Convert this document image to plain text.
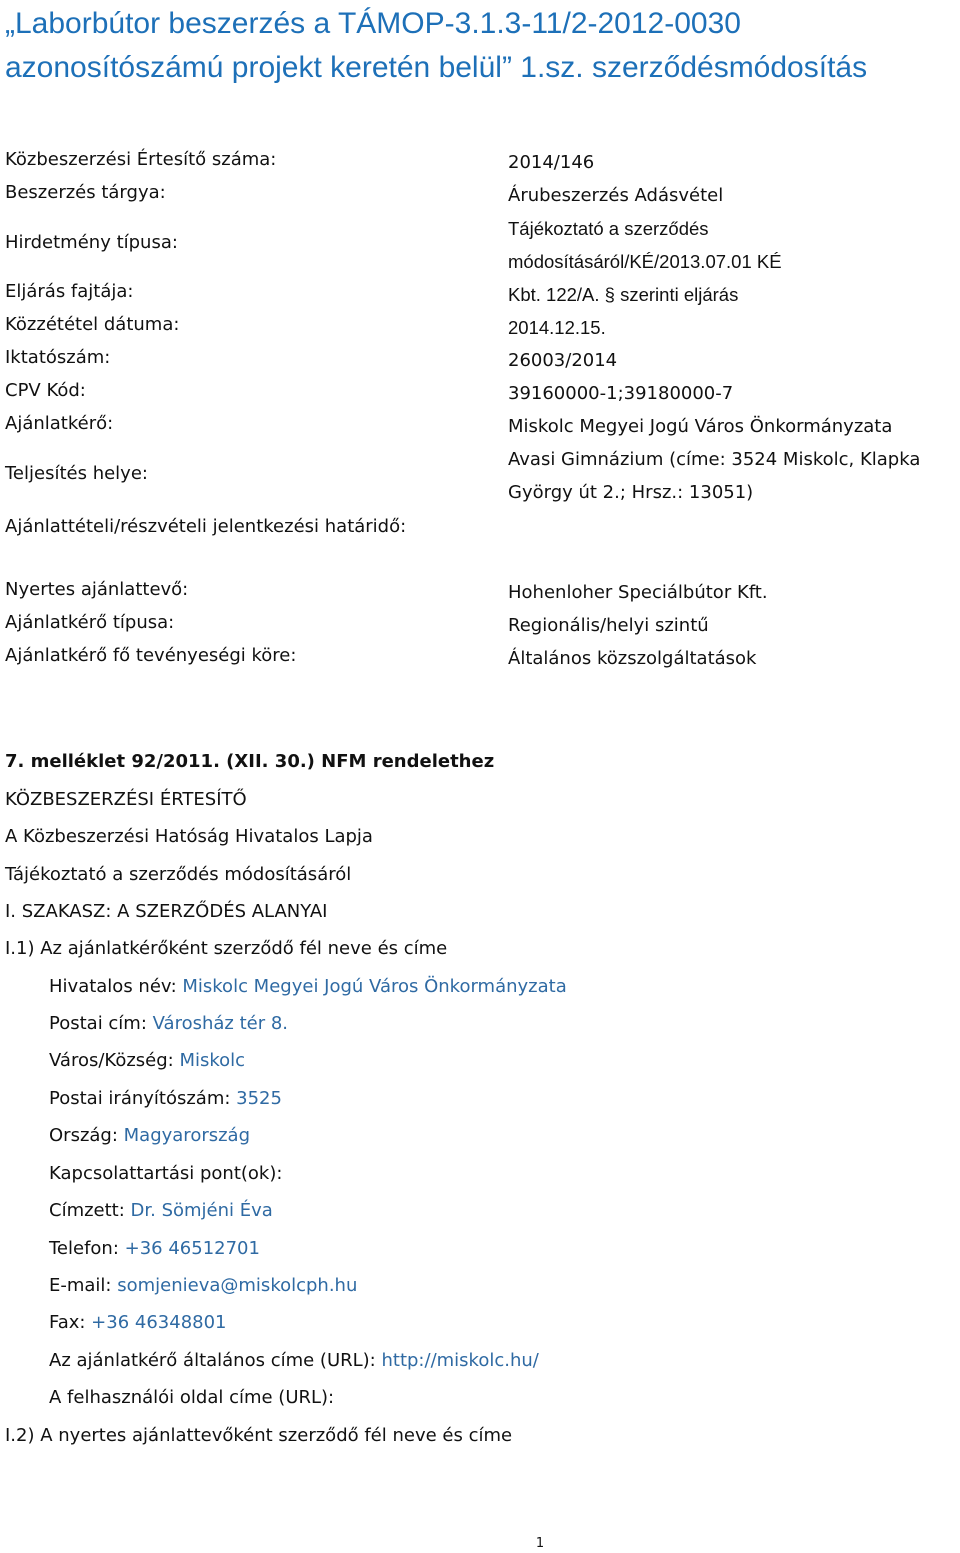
„Laborbútor beszerzés a TÁMOP-3.1.3-11/2-2012-0030 azonosítószámú projekt keretén belül” 1.sz. szerződésmódosítás
Közbeszerzési Értesítő száma:	2014/146
Beszerzés tárgya:	Árubeszerzés Adásvétel
Hirdetmény típusa:
Tájékoztató a szerződés módosításáról/KÉ/2013.07.01 KÉ
Eljárás fajtája:	Kbt. 122/A. § szerinti eljárás
Közzététel dátuma:	2014.12.15.
Iktatószám:	26003/2014
CPV Kód:	39160000-1;39180000-7
Ajánlatkérő:	Miskolc Megyei Jogú Város Önkormányzata
Teljesítés helye:
Avasi Gimnázium (címe: 3524 Miskolc, Klapka György út 2.; Hrsz.: 13051)
Ajánlattételi/részvételi jelentkezési határidő:
Nyertes ajánlattevő:	Hohenloher Speciálbútor Kft.
Ajánlatkérő típusa:	Regionális/helyi szintű
Ajánlatkérő fő tevényeségi köre:	Általános közszolgáltatások
7. melléklet 92/2011. (XII. 30.) NFM rendelethez
KÖZBESZERZÉSI ÉRTESÍTŐ
A Közbeszerzési Hatóság Hivatalos Lapja
Tájékoztató a szerződés módosításáról
I. SZAKASZ: A SZERZŐDÉS ALANYAI
I.1) Az ajánlatkérőként szerződő fél neve és címe
Hivatalos név: Miskolc Megyei Jogú Város Önkormányzata
Postai cím: Városház tér 8.
Város/Község: Miskolc
Postai irányítószám: 3525
Ország: Magyarország
Kapcsolattartási pont(ok):
Címzett: Dr. Sömjéni Éva
Telefon: +36 46512701
E-mail: somjenieva@miskolcph.hu
Fax: +36 46348801
Az ajánlatkérő általános címe (URL): http://miskolc.hu/
A felhasználói oldal címe (URL):
I.2) A nyertes ajánlattevőként szerződő fél neve és címe
1
